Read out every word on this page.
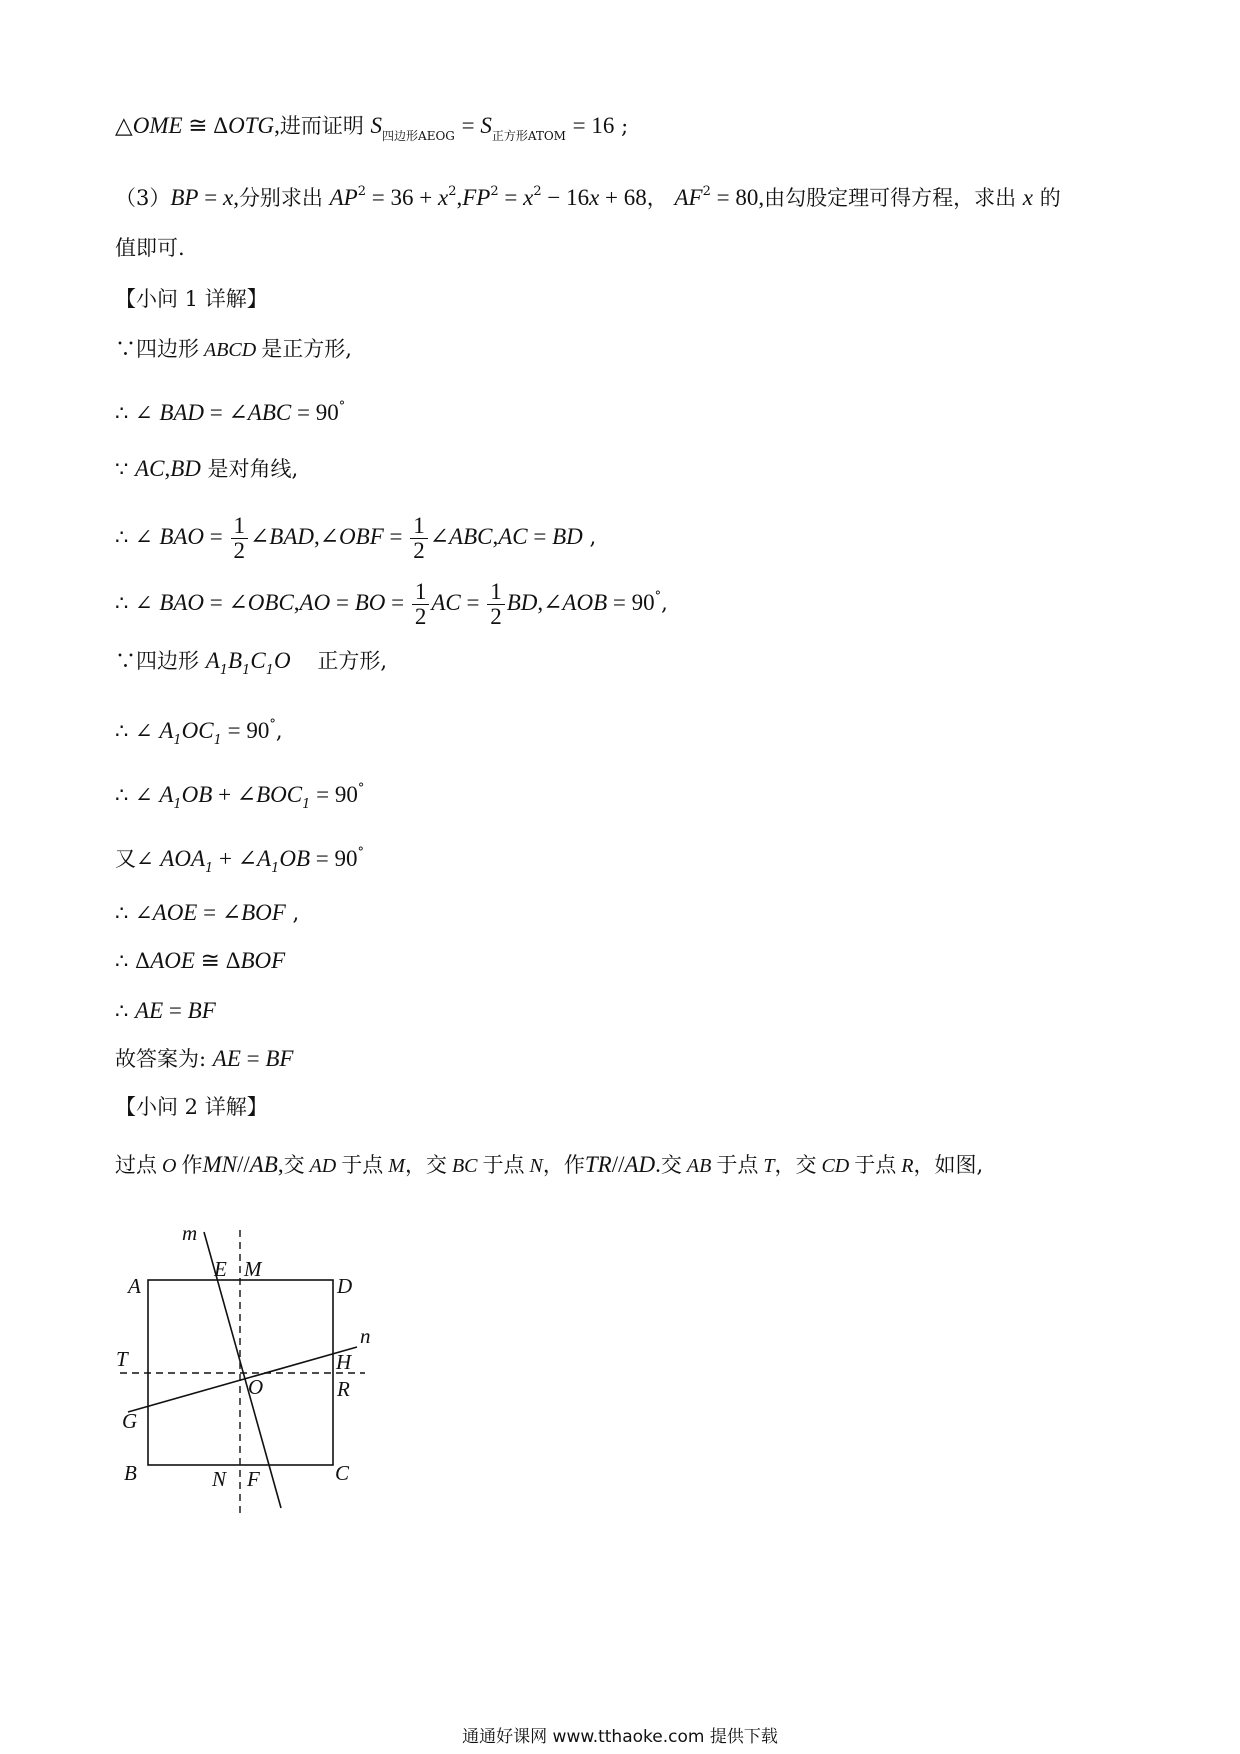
△OME ≅ ΔOTG,进而证明 $S_{四边形AEOG} = S_{正方形ATOM} = 16$ ;
（3）BP = x,分别求出 $AP^2 = 36 + x^2,FP^2 = x^2 - 16x + 68$， $AF^2 = 80$,由勾股定理可得方程，求出 x 的
值即可.
【小问 1 详解】
∵四边形 ABCD 是正方形,
∴ ∠ BAD = ∠ABC = 90°
∵ AC,BD 是对角线,
∴ ∠ BAO = $\frac{1}{2}$ ∠BAD,∠OBF = $\frac{1}{2}$ ∠ABC,AC = BD ,
∴ ∠ BAO = ∠OBC,AO = BO = $\frac{1}{2}$ AC = $\frac{1}{2}$ BD,∠AOB = 90°,
∵四边形 $A_1B_1C_1O$ 正方形,
∴ ∠ $A_1OC_1 = 90^\circ$,
∴ ∠ $A_1OB$ + $\angle BOC_1 = 90^\circ$
又∠ $AOA_1$ + $\angle A_1OB = 90^\circ$
∴ ∠AOE = ∠BOF ,
∴ ΔAOE ≅ ΔBOF
∴ AE = BF
故答案为: AE = BF
【小问 2 详解】
过点 O 作MN//AB,交 AD 于点 M，交 BC 于点 N，作TR//AD.交 AB 于点 T，交 CD 于点 R，如图,
A	D
B	C
E M
T	H
R
O
G
N F
m
n
通通好课网 www.tthaoke.com 提供下载
